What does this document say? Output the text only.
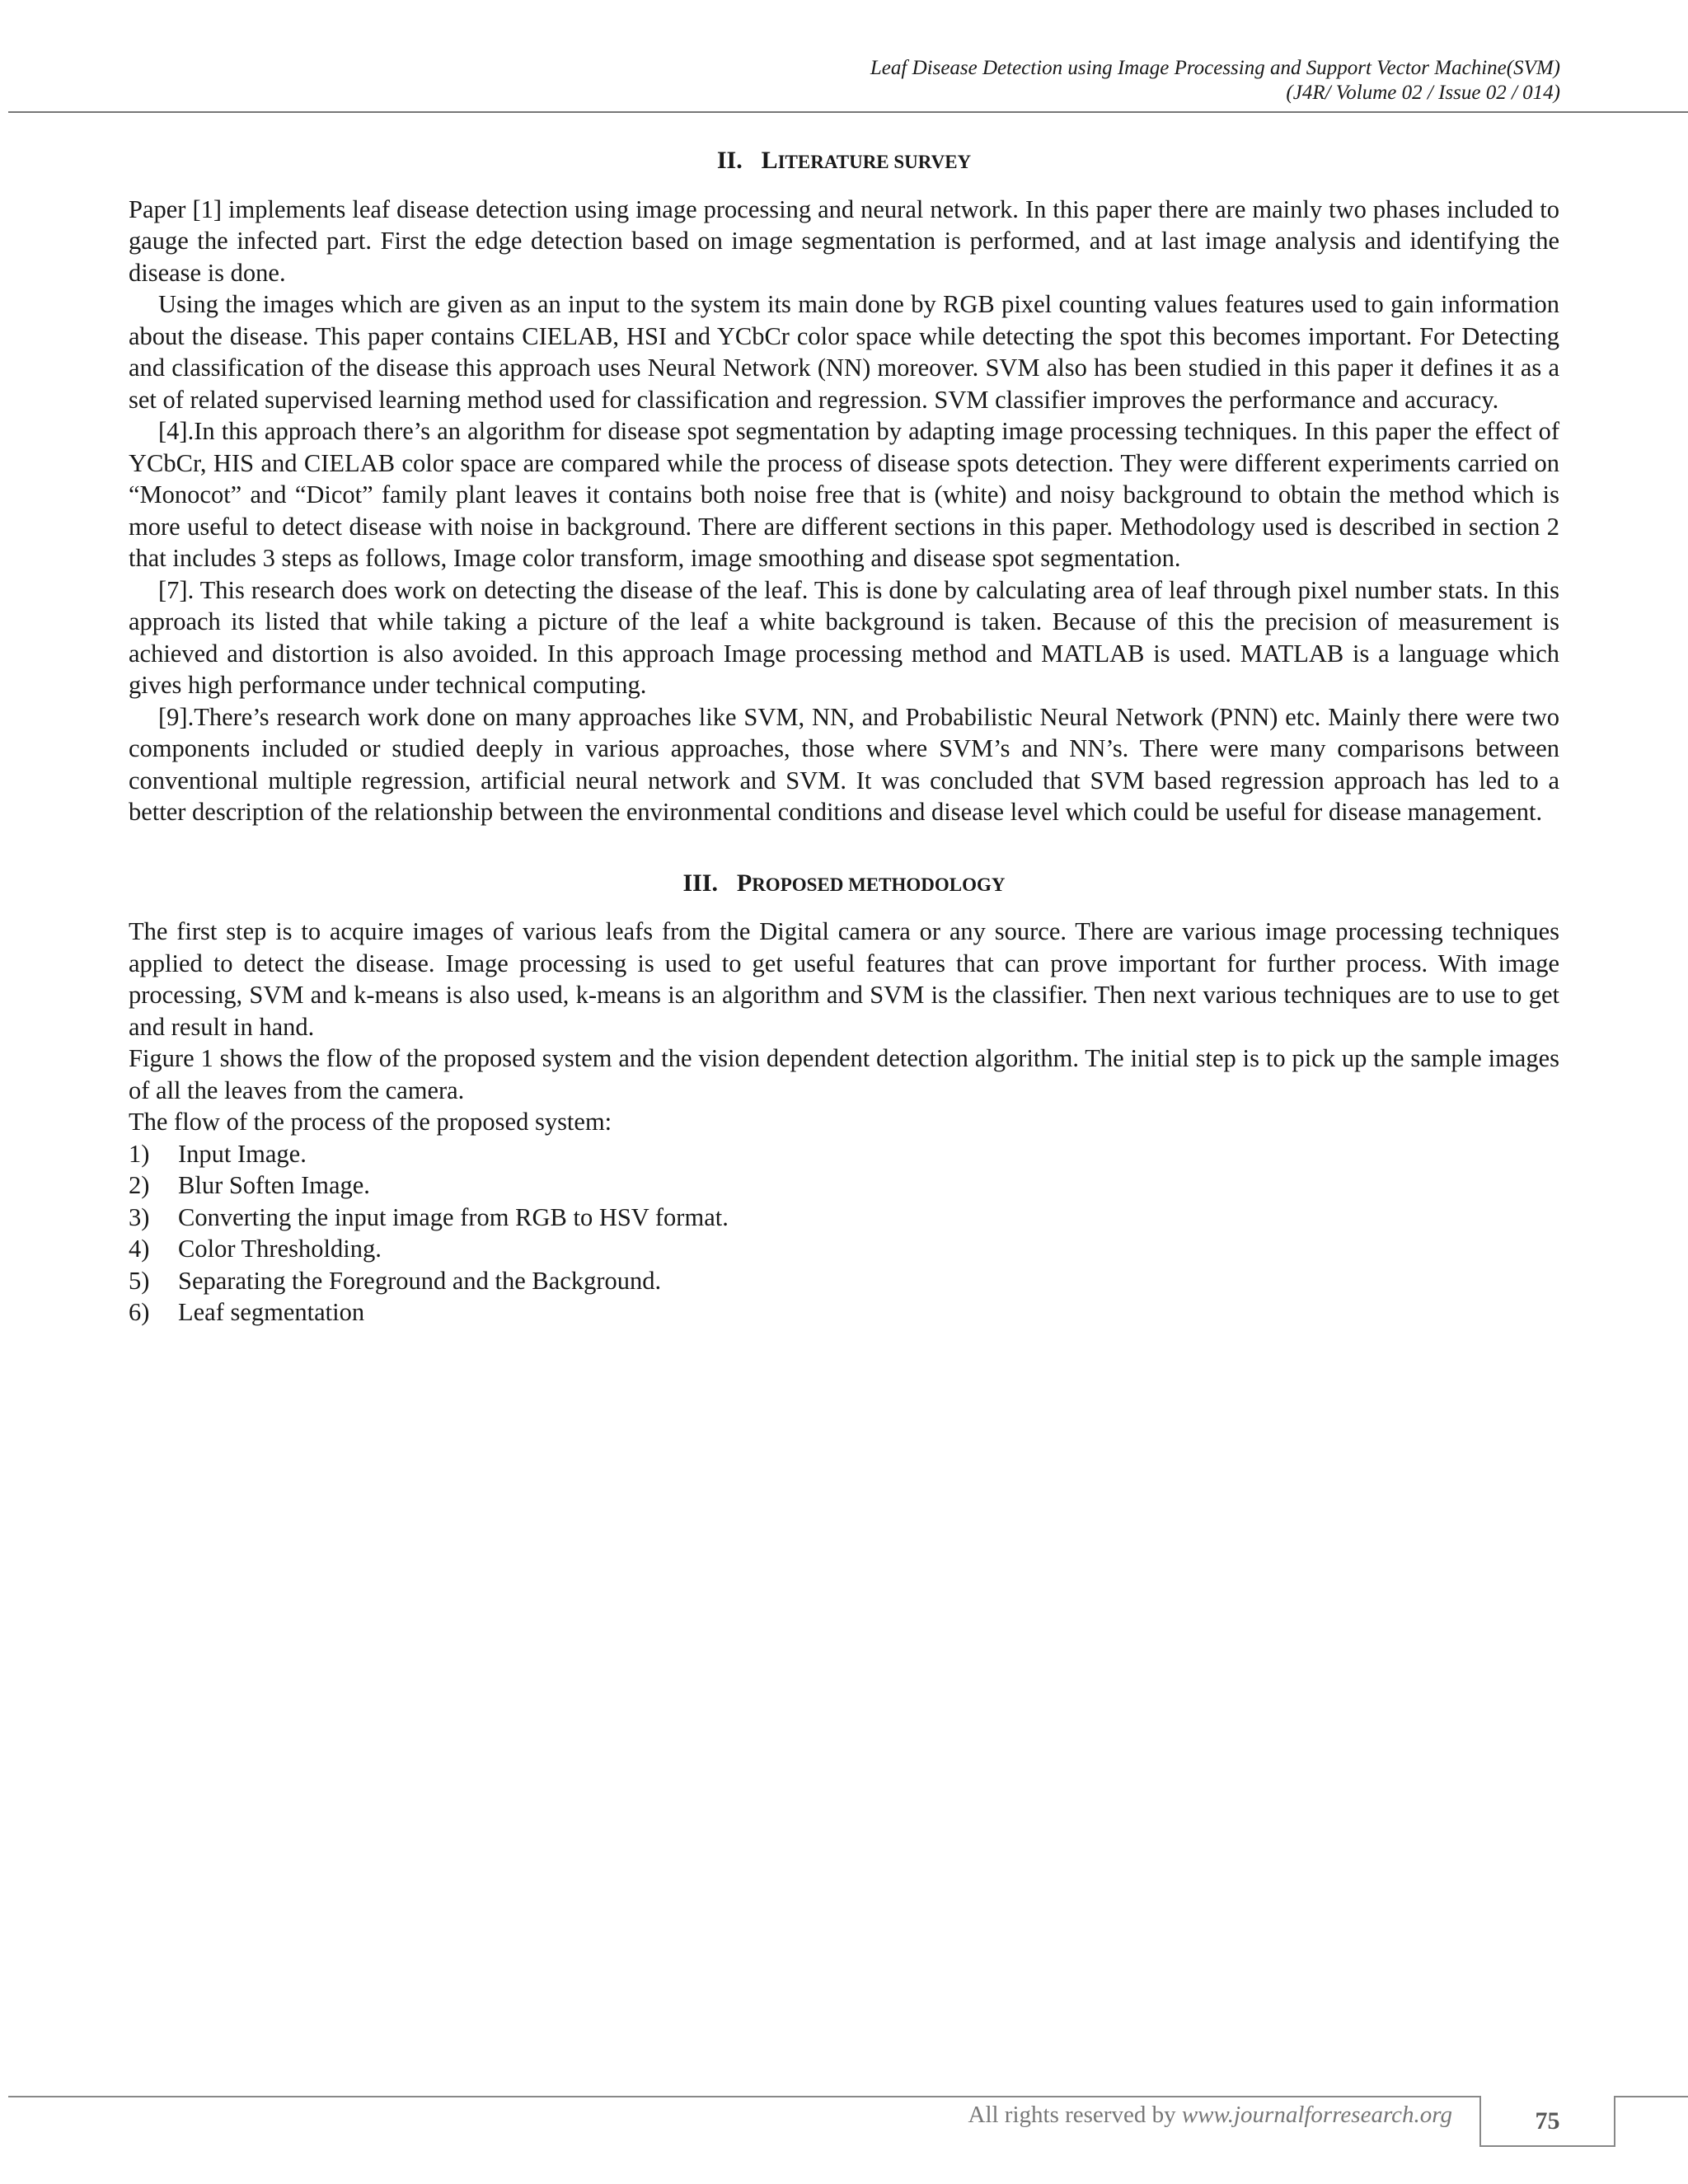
Leaf Disease Detection using Image Processing and Support Vector Machine(SVM)
(J4R/ Volume 02 / Issue 02 / 014)
II. LITERATURE SURVEY

Paper [1] implements leaf disease detection using image processing and neural network. In this paper there are mainly two phases included to gauge the infected part. First the edge detection based on image segmentation is performed, and at last image analysis and identifying the disease is done.

Using the images which are given as an input to the system its main done by RGB pixel counting values features used to gain information about the disease. This paper contains CIELAB, HSI and YCbCr color space while detecting the spot this becomes important. For Detecting and classification of the disease this approach uses Neural Network (NN) moreover. SVM also has been studied in this paper it defines it as a set of related supervised learning method used for classification and regression. SVM classifier improves the performance and accuracy.

[4].In this approach there’s an algorithm for disease spot segmentation by adapting image processing techniques. In this paper the effect of YCbCr, HIS and CIELAB color space are compared while the process of disease spots detection. They were different experiments carried on “Monocot” and “Dicot” family plant leaves it contains both noise free that is (white) and noisy background to obtain the method which is more useful to detect disease with noise in background. There are different sections in this paper. Methodology used is described in section 2 that includes 3 steps as follows, Image color transform, image smoothing and disease spot segmentation.

[7]. This research does work on detecting the disease of the leaf. This is done by calculating area of leaf through pixel number stats. In this approach its listed that while taking a picture of the leaf a white background is taken. Because of this the precision of measurement is achieved and distortion is also avoided. In this approach Image processing method and MATLAB is used. MATLAB is a language which gives high performance under technical computing.

[9].There’s research work done on many approaches like SVM, NN, and Probabilistic Neural Network (PNN) etc. Mainly there were two components included or studied deeply in various approaches, those where SVM’s and NN’s. There were many comparisons between conventional multiple regression, artificial neural network and SVM. It was concluded that SVM based regression approach has led to a better description of the relationship between the environmental conditions and disease level which could be useful for disease management.

III. PROPOSED METHODOLOGY

The first step is to acquire images of various leafs from the Digital camera or any source. There are various image processing techniques applied to detect the disease. Image processing is used to get useful features that can prove important for further process. With image processing, SVM and k-means is also used, k-means is an algorithm and SVM is the classifier. Then next various techniques are to use to get and result in hand.

Figure 1 shows the flow of the proposed system and the vision dependent detection algorithm. The initial step is to pick up the sample images of all the leaves from the camera.

The flow of the process of the proposed system:

1)	Input Image.
2)	Blur Soften Image.
3)	Converting the input image from RGB to HSV format.
4)	Color Thresholding.
5)	Separating the Foreground and the Background.
6)	Leaf segmentation
All rights reserved by www.journalforresearch.org	75
